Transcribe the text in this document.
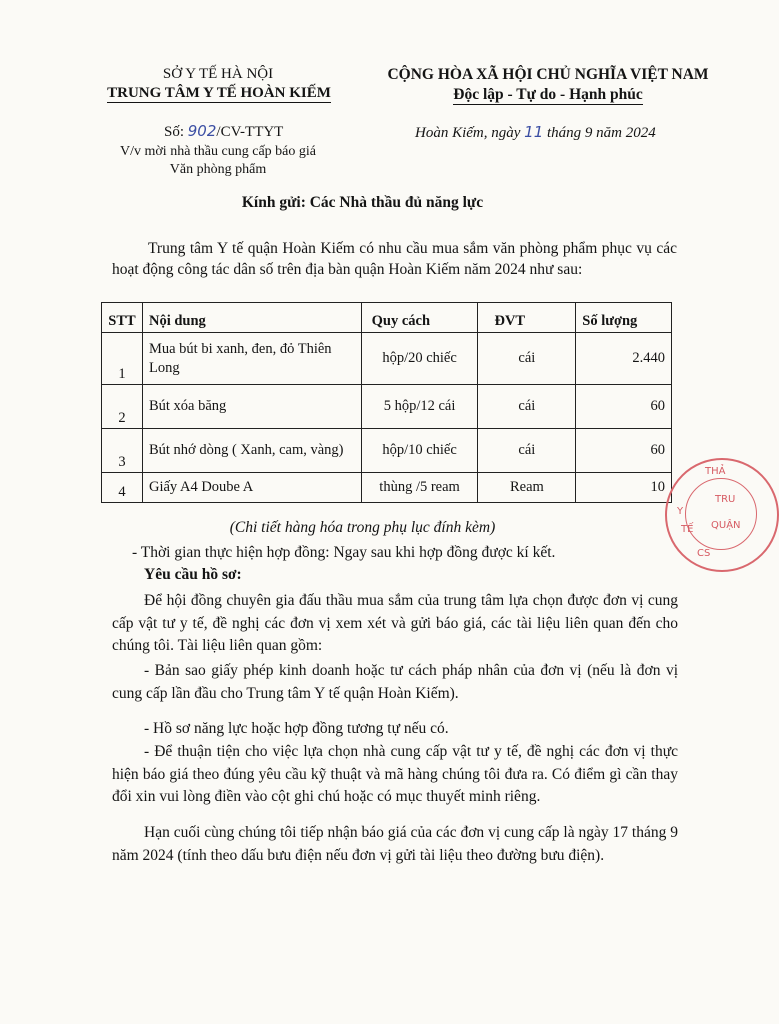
SỞ Y TẾ HÀ NỘI
TRUNG TÂM Y TẾ HOÀN KIẾM
CỘNG HÒA XÃ HỘI CHỦ NGHĨA VIỆT NAM
Độc lập - Tự do - Hạnh phúc
Số: 902/CV-TTYT
V/v mời nhà thầu cung cấp báo giá
Văn phòng phẩm
Hoàn Kiếm, ngày 11 tháng 9 năm 2024
Kính gửi: Các Nhà thầu đủ năng lực
Trung tâm Y tế quận Hoàn Kiếm có nhu cầu mua sắm văn phòng phẩm phục vụ các hoạt động công tác dân số trên địa bàn quận Hoàn Kiếm năm 2024 như sau:
STT	Nội dung	Quy cách	ĐVT	Số lượng
1	Mua bút bi xanh, đen, đỏ Thiên Long	hộp/20 chiếc	cái	2.440
2	Bút xóa băng	5 hộp/12 cái	cái	60
3	Bút nhớ dòng ( Xanh, cam, vàng)	hộp/10 chiếc	cái	60
4	Giấy A4 Doube A	thùng /5 ream	Ream	10
THẢ
TRU
QUẬN
Y
TẾ
CS
(Chi tiết hàng hóa trong phụ lục đính kèm)
- Thời gian thực hiện hợp đồng: Ngay sau khi hợp đồng được kí kết.
Yêu cầu hồ sơ:
Để hội đồng chuyên gia đấu thầu mua sắm của trung tâm lựa chọn được đơn vị cung cấp vật tư y tế, đề nghị các đơn vị xem xét và gửi báo giá, các tài liệu liên quan đến cho chúng tôi. Tài liệu liên quan gồm:
- Bản sao giấy phép kinh doanh hoặc tư cách pháp nhân của đơn vị (nếu là đơn vị cung cấp lần đầu cho Trung tâm Y tế quận Hoàn Kiếm).
- Hồ sơ năng lực hoặc hợp đồng tương tự nếu có.
- Để thuận tiện cho việc lựa chọn nhà cung cấp vật tư y tế, đề nghị các đơn vị thực hiện báo giá theo đúng yêu cầu kỹ thuật và mã hàng chúng tôi đưa ra. Có điểm gì cần thay đổi xin vui lòng điền vào cột ghi chú hoặc có mục thuyết minh riêng.
Hạn cuối cùng chúng tôi tiếp nhận báo giá của các đơn vị cung cấp là ngày 17 tháng 9 năm 2024 (tính theo dấu bưu điện nếu đơn vị gửi tài liệu theo đường bưu điện).
